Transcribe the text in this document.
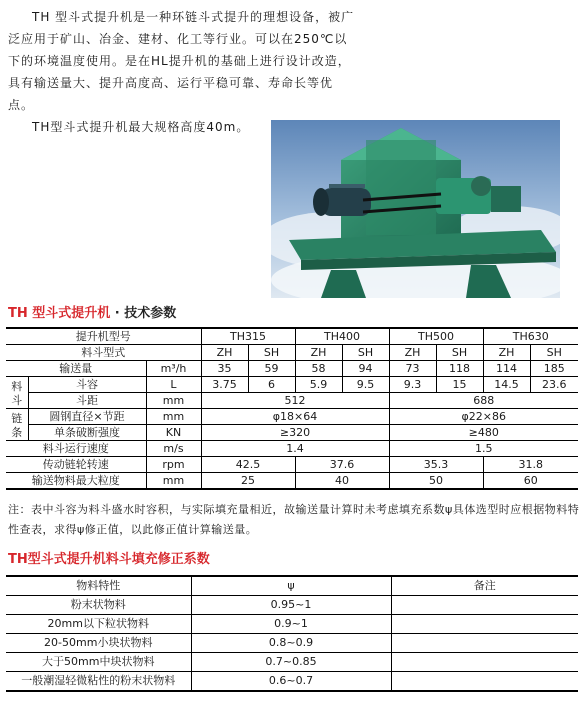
TH 型斗式提升机是一种环链斗式提升的理想设备，被广泛应用于矿山、冶金、建材、化工等行业。可以在250℃以下的环境温度使用。是在HL提升机的基础上进行设计改造，具有输送量大、提升高度高、运行平稳可靠、寿命长等优点。

TH型斗式提升机最大规格高度40m。

TH 型斗式提升机 · 技术参数
提升机型号			TH315		TH400		TH500		TH630	
料斗型式			ZH	SH	ZH	SH	ZH	SH	ZH	SH
输送量		m³/h	35	59	58	94	73	118	114	185
料斗	斗容	L	3.75	6	5.9	9.5	9.3	15	14.5	23.6
	斗距	mm	512				688			
链条	圆钢直径×节距	mm	φ18×64				φ22×86			
	单条破断强度	KN	≥320				≥480			
料斗运行速度		m/s	1.4				1.5			
传动链轮转速		rpm	42.5		37.6		35.3		31.8	
输送物料最大粒度		mm	25		40		50		60	

注：表中斗容为料斗盛水时容积，与实际填充量相近，故输送量计算时未考虑填充系数ψ具体选型时应根据物料特性查表，求得ψ修正值，以此修正值计算输送量。

TH型斗式提升机料斗填充修正系数
物料特性	ψ	备注
粉末状物料	0.95~1	
20mm以下粒状物料	0.9~1	
20-50mm小块状物料	0.8~0.9	
大于50mm中块状物料	0.7~0.85	
一般潮湿轻微粘性的粉末状物料	0.6~0.7	
